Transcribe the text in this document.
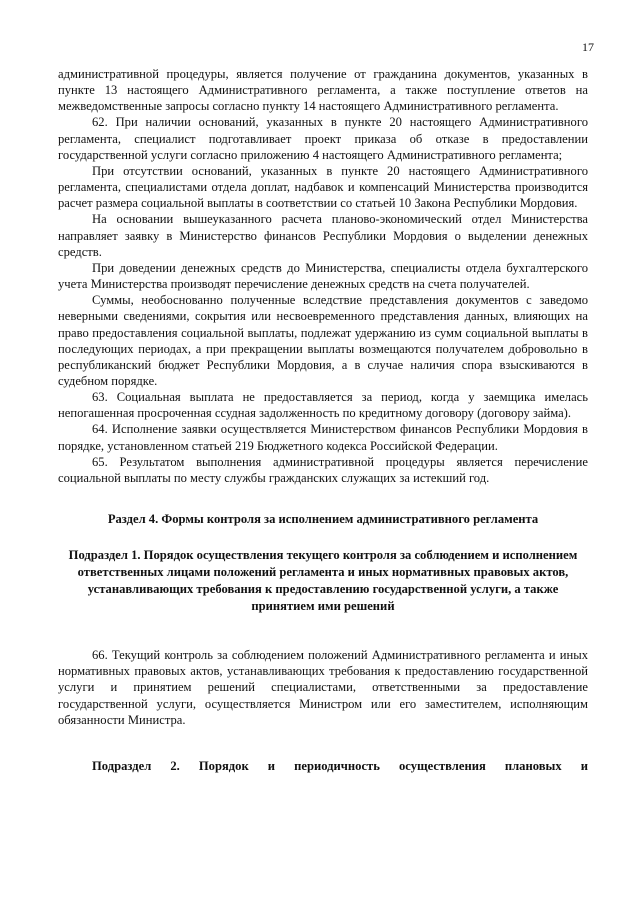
17

административной процедуры, является получение от гражданина документов, указанных в пункте 13 настоящего Административного регламента, а также поступление ответов на межведомственные запросы согласно пункту 14 настоящего Административного регламента.

62. При наличии оснований, указанных в пункте 20 настоящего Административного регламента, специалист подготавливает проект приказа об отказе в предоставлении государственной услуги согласно приложению 4 настоящего Административного регламента;

При отсутствии оснований, указанных в пункте 20 настоящего Административного регламента, специалистами отдела доплат, надбавок и компенсаций Министерства производится расчет размера социальной выплаты в соответствии со статьей 10 Закона Республики Мордовия.

На основании вышеуказанного расчета планово-экономический отдел Министерства направляет заявку в Министерство финансов Республики Мордовия о выделении денежных средств.

При доведении денежных средств до Министерства, специалисты отдела бухгалтерского учета Министерства производят перечисление денежных средств на счета получателей.

Суммы, необоснованно полученные вследствие представления документов с заведомо неверными сведениями, сокрытия или несвоевременного представления данных, влияющих на право предоставления социальной выплаты, подлежат удержанию из сумм социальной выплаты в последующих периодах, а при прекращении выплаты возмещаются получателем добровольно в республиканский бюджет Республики Мордовия, а в случае наличия спора взыскиваются в судебном порядке.

63. Социальная выплата не предоставляется за период, когда у заемщика имелась непогашенная просроченная ссудная задолженность по кредитному договору (договору займа).

64. Исполнение заявки осуществляется Министерством финансов Республики Мордовия в порядке, установленном статьей 219 Бюджетного кодекса Российской Федерации.

65. Результатом выполнения административной процедуры является перечисление социальной выплаты по месту службы гражданских служащих за истекший год.

Раздел 4. Формы контроля за исполнением административного регламента
Подраздел 1. Порядок осуществления текущего контроля за соблюдением и исполнением ответственных лицами положений регламента и иных нормативных правовых актов, устанавливающих требования к предоставлению государственной услуги, а также принятием ими решений

66. Текущий контроль за соблюдением положений Административного регламента и иных нормативных правовых актов, устанавливающих требования к предоставлению государственной услуги и принятием решений специалистами, ответственными за предоставление государственной услуги, осуществляется Министром или его заместителем, исполняющим обязанности Министра.

Подраздел 2. Порядок и периодичность осуществления плановых и
